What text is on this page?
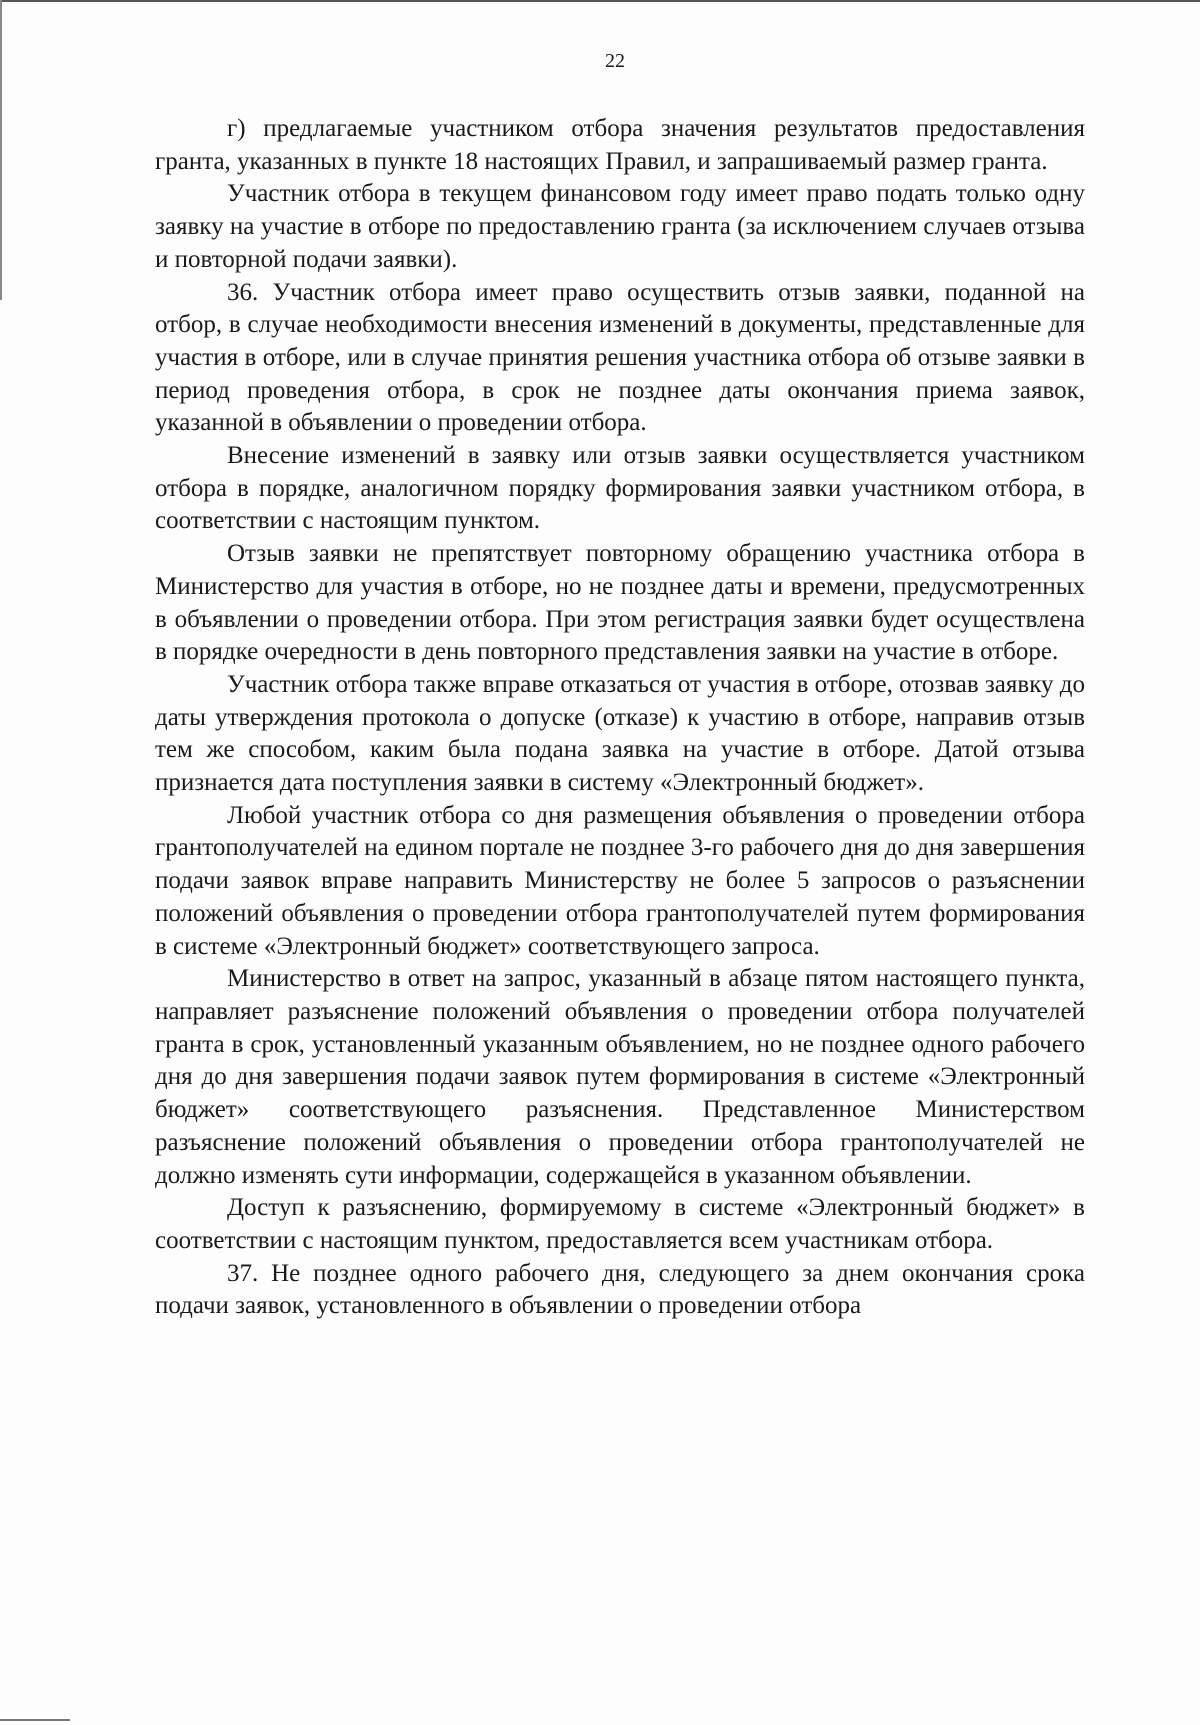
22

г) предлагаемые участником отбора значения результатов предоставления гранта, указанных в пункте 18 настоящих Правил, и запрашиваемый размер гранта.

Участник отбора в текущем финансовом году имеет право подать только одну заявку на участие в отборе по предоставлению гранта (за исключением случаев отзыва и повторной подачи заявки).

36. Участник отбора имеет право осуществить отзыв заявки, поданной на отбор, в случае необходимости внесения изменений в документы, представленные для участия в отборе, или в случае принятия решения участника отбора об отзыве заявки в период проведения отбора, в срок не позднее даты окончания приема заявок, указанной в объявлении о проведении отбора.

Внесение изменений в заявку или отзыв заявки осуществляется участником отбора в порядке, аналогичном порядку формирования заявки участником отбора, в соответствии с настоящим пунктом.

Отзыв заявки не препятствует повторному обращению участника отбора в Министерство для участия в отборе, но не позднее даты и времени, предусмотренных в объявлении о проведении отбора. При этом регистрация заявки будет осуществлена в порядке очередности в день повторного представления заявки на участие в отборе.

Участник отбора также вправе отказаться от участия в отборе, отозвав заявку до даты утверждения протокола о допуске (отказе) к участию в отборе, направив отзыв тем же способом, каким была подана заявка на участие в отборе. Датой отзыва признается дата поступления заявки в систему «Электронный бюджет».

Любой участник отбора со дня размещения объявления о проведении отбора грантополучателей на едином портале не позднее 3-го рабочего дня до дня завершения подачи заявок вправе направить Министерству не более 5 запросов о разъяснении положений объявления о проведении отбора грантополучателей путем формирования в системе «Электронный бюджет» соответствующего запроса.

Министерство в ответ на запрос, указанный в абзаце пятом настоящего пункта, направляет разъяснение положений объявления о проведении отбора получателей гранта в срок, установленный указанным объявлением, но не позднее одного рабочего дня до дня завершения подачи заявок путем формирования в системе «Электронный бюджет» соответствующего разъяснения. Представленное Министерством разъяснение положений объявления о проведении отбора грантополучателей не должно изменять сути информации, содержащейся в указанном объявлении.

Доступ к разъяснению, формируемому в системе «Электронный бюджет» в соответствии с настоящим пунктом, предоставляется всем участникам отбора.

37. Не позднее одного рабочего дня, следующего за днем окончания срока подачи заявок, установленного в объявлении о проведении отбора
